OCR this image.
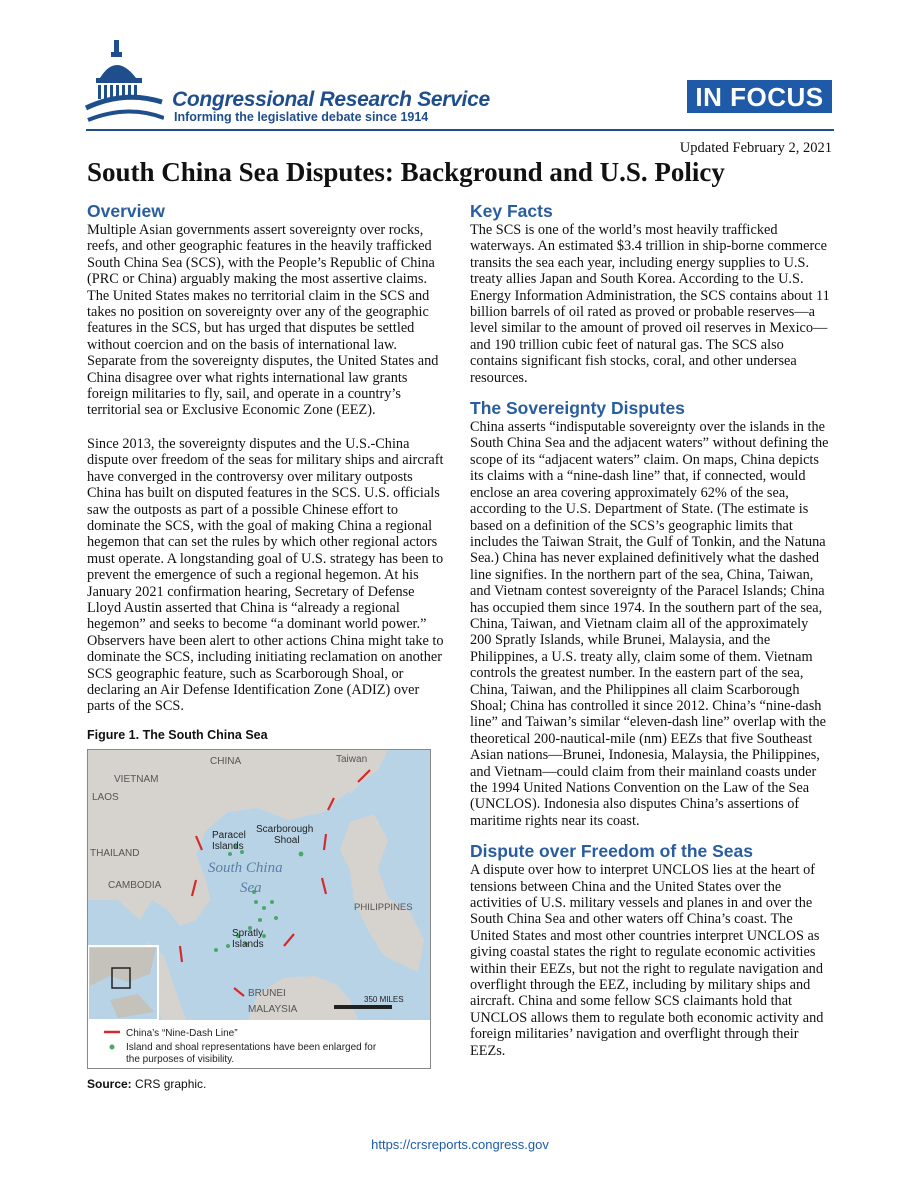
Congressional Research Service
Informing the legislative debate since 1914
IN FOCUS
Updated February 2, 2021
South China Sea Disputes: Background and U.S. Policy
Overview

Multiple Asian governments assert sovereignty over rocks, reefs, and other geographic features in the heavily trafficked South China Sea (SCS), with the People’s Republic of China (PRC or China) arguably making the most assertive claims. The United States makes no territorial claim in the SCS and takes no position on sovereignty over any of the geographic features in the SCS, but has urged that disputes be settled without coercion and on the basis of international law. Separate from the sovereignty disputes, the United States and China disagree over what rights international law grants foreign militaries to fly, sail, and operate in a country’s territorial sea or Exclusive Economic Zone (EEZ).

Since 2013, the sovereignty disputes and the U.S.-China dispute over freedom of the seas for military ships and aircraft have converged in the controversy over military outposts China has built on disputed features in the SCS. U.S. officials saw the outposts as part of a possible Chinese effort to dominate the SCS, with the goal of making China a regional hegemon that can set the rules by which other regional actors must operate. A longstanding goal of U.S. strategy has been to prevent the emergence of such a regional hegemon. At his January 2021 confirmation hearing, Secretary of Defense Lloyd Austin asserted that China is “already a regional hegemon” and seeks to become “a dominant world power.” Observers have been alert to other actions China might take to dominate the SCS, including initiating reclamation on another SCS geographic feature, such as Scarborough Shoal, or declaring an Air Defense Identification Zone (ADIZ) over parts of the SCS.

Figure 1. The South China Sea
CHINA	Taiwan
VIETNAM
LAOS
THAILAND
CAMBODIA
PHILIPPINES
BRUNEI
MALAYSIA
350 MILES
Paracel
Islands
Scarborough
Shoal
Spratly
Islands
South China
Sea
China’s “Nine-Dash Line”
Island and shoal representations have been enlarged for
the purposes of visibility.
Source: CRS graphic.
Key Facts

The SCS is one of the world’s most heavily trafficked waterways. An estimated $3.4 trillion in ship-borne commerce transits the sea each year, including energy supplies to U.S. treaty allies Japan and South Korea. According to the U.S. Energy Information Administration, the SCS contains about 11 billion barrels of oil rated as proved or probable reserves—a level similar to the amount of proved oil reserves in Mexico—and 190 trillion cubic feet of natural gas. The SCS also contains significant fish stocks, coral, and other undersea resources.

The Sovereignty Disputes

China asserts “indisputable sovereignty over the islands in the South China Sea and the adjacent waters” without defining the scope of its “adjacent waters” claim. On maps, China depicts its claims with a “nine-dash line” that, if connected, would enclose an area covering approximately 62% of the sea, according to the U.S. Department of State. (The estimate is based on a definition of the SCS’s geographic limits that includes the Taiwan Strait, the Gulf of Tonkin, and the Natuna Sea.) China has never explained definitively what the dashed line signifies. In the northern part of the sea, China, Taiwan, and Vietnam contest sovereignty of the Paracel Islands; China has occupied them since 1974. In the southern part of the sea, China, Taiwan, and Vietnam claim all of the approximately 200 Spratly Islands, while Brunei, Malaysia, and the Philippines, a U.S. treaty ally, claim some of them. Vietnam controls the greatest number. In the eastern part of the sea, China, Taiwan, and the Philippines all claim Scarborough Shoal; China has controlled it since 2012. China’s “nine-dash line” and Taiwan’s similar “eleven-dash line” overlap with the theoretical 200-nautical-mile (nm) EEZs that five Southeast Asian nations—Brunei, Indonesia, Malaysia, the Philippines, and Vietnam—could claim from their mainland coasts under the 1994 United Nations Convention on the Law of the Sea (UNCLOS). Indonesia also disputes China’s assertions of maritime rights near its coast.

Dispute over Freedom of the Seas

A dispute over how to interpret UNCLOS lies at the heart of tensions between China and the United States over the activities of U.S. military vessels and planes in and over the South China Sea and other waters off China’s coast. The United States and most other countries interpret UNCLOS as giving coastal states the right to regulate economic activities within their EEZs, but not the right to regulate navigation and overflight through the EEZ, including by military ships and aircraft. China and some fellow SCS claimants hold that UNCLOS allows them to regulate both economic activity and foreign militaries’ navigation and overflight through their EEZs.

https://crsreports.congress.gov
